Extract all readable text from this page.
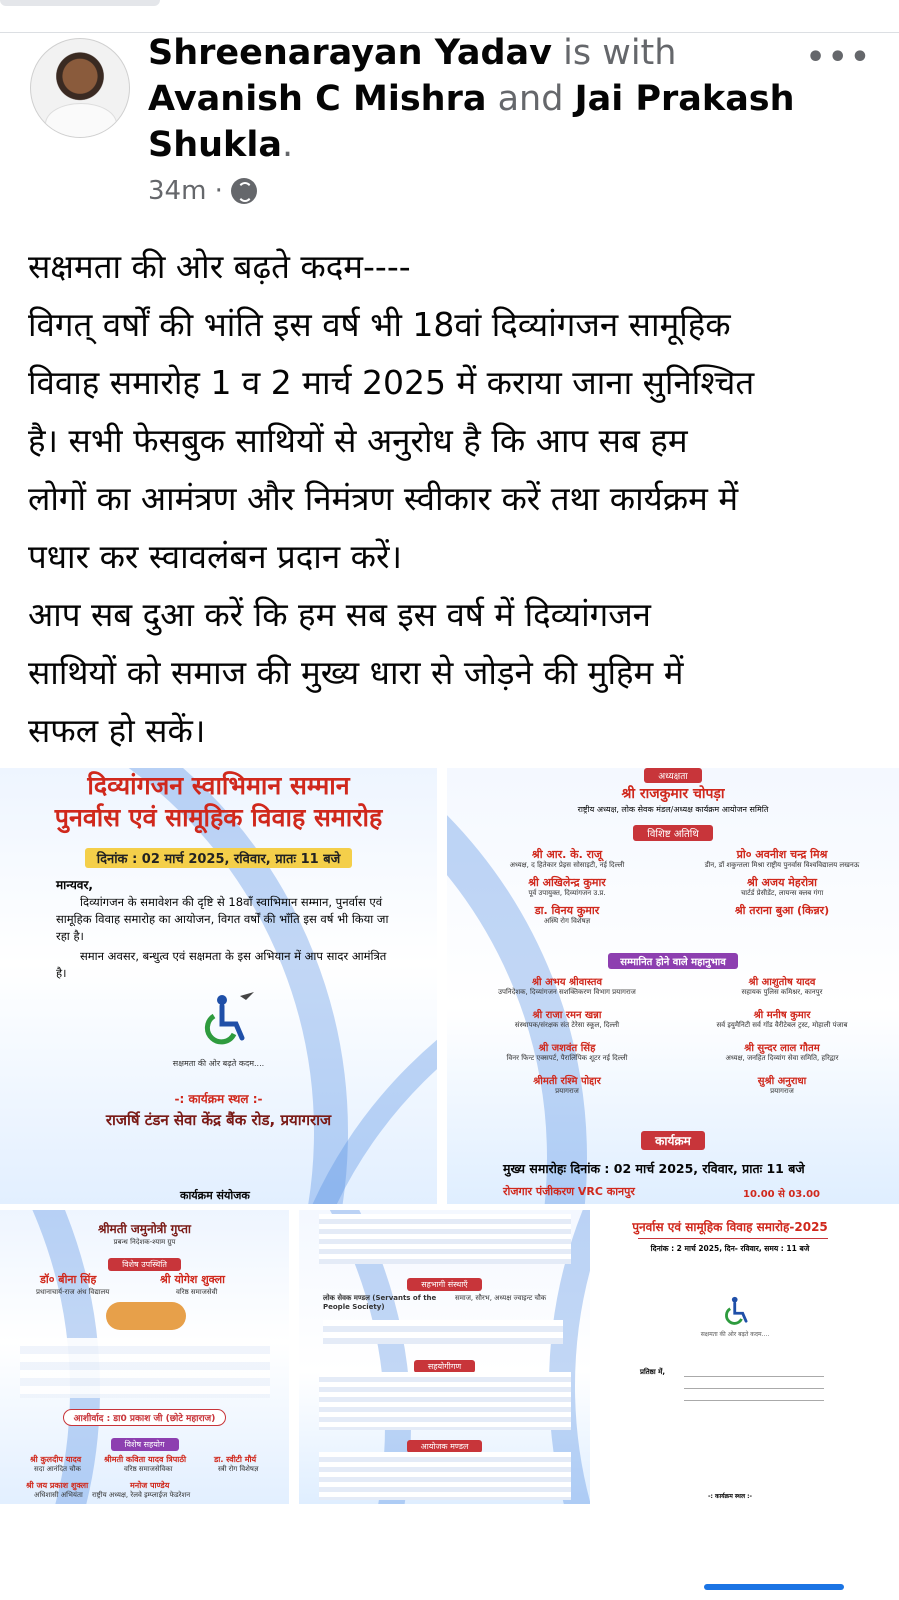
Shreenarayan Yadav is with
Avanish C Mishra and Jai Prakash
Shukla.
•••
34m ·
सक्षमता की ओर बढ़ते कदम----
विगत् वर्षों की भांति इस वर्ष भी 18वां दिव्यांगजन सामूहिक
विवाह समारोह 1 व 2 मार्च 2025 में कराया जाना सुनिश्चित
है। सभी फेसबुक साथियों से अनुरोध है कि आप सब हम
लोगों का आमंत्रण और निमंत्रण स्वीकार करें तथा कार्यक्रम में
पधार कर स्वावलंबन प्रदान करें।
आप सब दुआ करें कि हम सब इस वर्ष में दिव्यांगजन
साथियों को समाज की मुख्य धारा से जोड़ने की मुहिम में
सफल हो सकें।
दिव्यांगजन स्वाभिमान सम्मान
पुनर्वास एवं सामूहिक विवाह समारोह
दिनांक : 02 मार्च 2025, रविवार, प्रातः 11 बजे
मान्यवर,
दिव्यांगजन के समावेशन की दृष्टि से 18वाँ स्वाभिमान सम्मान, पुनर्वास एवं सामूहिक विवाह समारोह का आयोजन, विगत वर्षों की भाँति इस वर्ष भी किया जा रहा है।
समान अवसर, बन्धुत्व एवं सक्षमता के इस अभियान में आप सादर आमंत्रित है।
सक्षमता की ओर बढ़ते कदम....
-: कार्यक्रम स्थल :-
राजर्षि टंडन सेवा केंद्र बैंक रोड, प्रयागराज
कार्यक्रम संयोजक
अध्यक्षता
श्री राजकुमार चोपड़ा
राष्ट्रीय अध्यक्ष, लोक सेवक मंडल/अध्यक्ष कार्यक्रम आयोजन समिति
विशिष्ट अतिथि
श्री आर. के. राजू
अध्यक्ष, द हितेकार प्रेइस सोसाइटी, नई दिल्ली
श्री अखिलेन्द्र कुमार
पूर्व उपायुक्त, दिव्यांगजन उ.प्र.
डा. विनय कुमार
अस्थि रोग विशेषज्ञ
प्रो० अवनीश चन्द्र मिश्र
डीन, डॉ शकुन्तला मिश्रा राष्ट्रीय पुनर्वास विश्वविद्यालय लखनऊ
श्री अजय मेहरोत्रा
चार्टर्ड प्रेसीडेंट, लायन्स क्लब गंगा
श्री तराना बुआ (किन्नर)
सम्मानित होने वाले महानुभाव
श्री अभय श्रीवास्तव
उपनिदेशक, दिव्यांगजन सशक्तिकरण विभाग प्रयागराज
श्री राजा रमन खन्ना
संस्थापक/संरक्षक संत टेरेसा स्कूल, दिल्ली
श्री जशवंत सिंह
विनर फिन्ट एक्सपर्ट, पैरालिंपिक शूटर नई दिल्ली
श्रीमती रश्मि पोद्दार
प्रयागराज
श्री आशुतोष यादव
सहायक पुलिस कमिश्नर, कानपुर
श्री मनीष कुमार
सर्व इयुमैनिटी सर्व गॉड वैरीटेबल ट्रस्ट, मोहाली पंजाब
श्री सुन्दर लाल गौतम
अध्यक्ष, जनहित दिव्यांग सेवा समिति, हरिद्वार
सुश्री अनुराधा
प्रयागराज
कार्यक्रम
मुख्य समारोहः दिनांक : 02 मार्च 2025, रविवार, प्रातः 11 बजे
रोजगार पंजीकरण VRC कानपुर	10.00 से 03.00
श्रीमती जमुनोत्री गुप्ता
प्रबन्ध निदेशक-श्याम ग्रुप
विशेष उपस्थिति
डॉ० बीना सिंह
प्रधानाचार्य-राज अंध विद्यालय
श्री योगेश शुक्ला
वरिष्ठ समाजसेवी
आशीर्वाद : डा0 प्रकाश जी (छोटे महाराज)
विशेष सहयोग
श्री कुलदीप यादव
सदा आनंदित चौक
श्रीमती कविता यादव त्रिपाठी
वरिष्ठ समाजसेविका
डा. स्वीटी मौर्य
स्त्री रोग विशेषज्ञ
श्री जय प्रकाश शुक्ला
अधिशासी अभियंता
मनोज पाण्डेय
राष्ट्रीय अध्यक्ष, रेलवे इम्प्लाईज फेडरेशन
सहभागी संस्थाएँ
लोक सेवक मण्डल (Servants of the People Society)
समाज, सौरभ, अध्यक्ष ज्वाइन्ट चौक
सहयोगीगण
आयोजक मण्डल
पुनर्वास एवं सामूहिक विवाह समारोह-2025
दिनांक : 2 मार्च 2025, दिन- रविवार, समय : 11 बजे
सक्षमता की ओर बढ़ते कदम....
प्रतिष्ठा में,
-: कार्यक्रम स्थल :-
